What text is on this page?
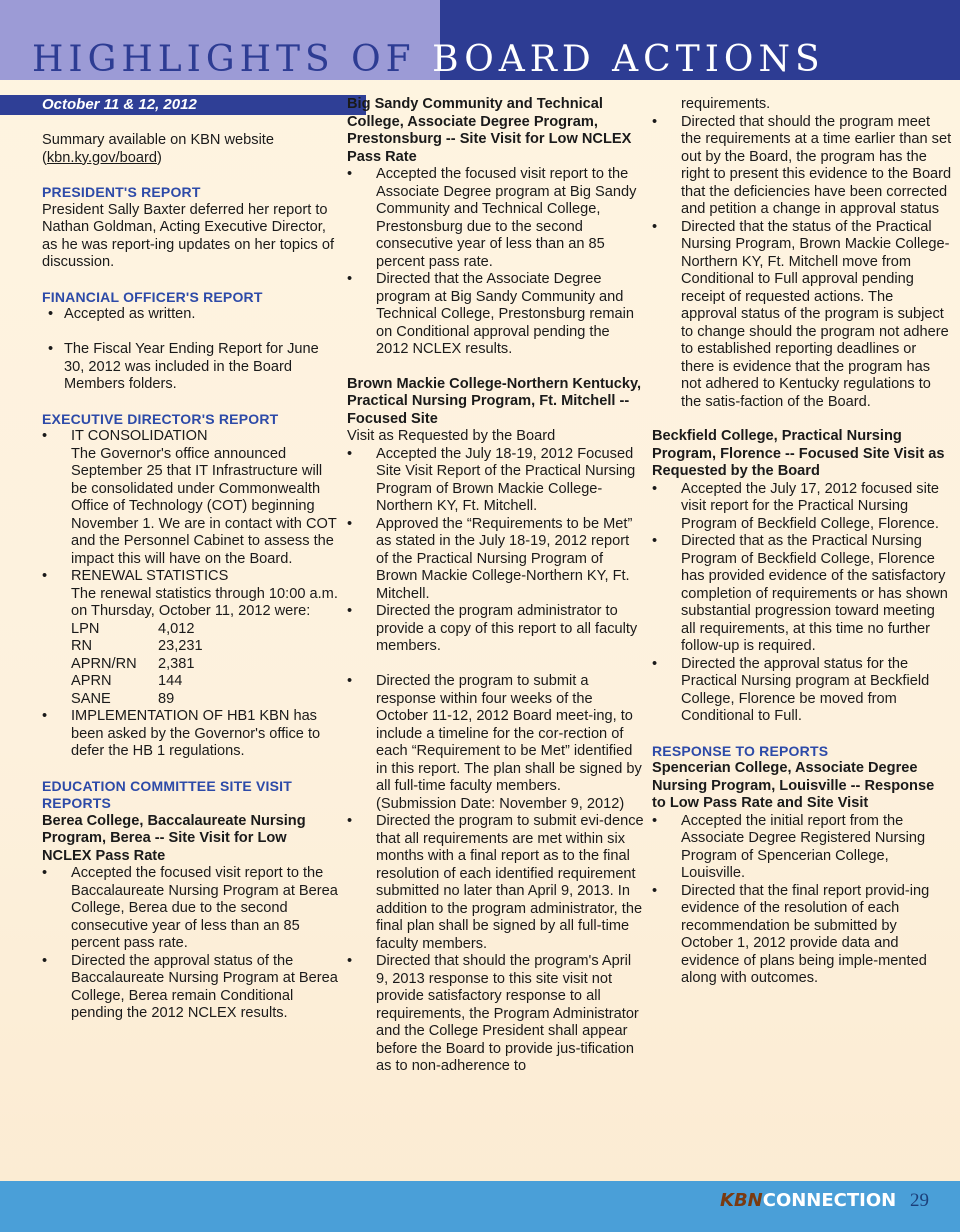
HIGHLIGHTS OF BOARD ACTIONS
October 11 & 12, 2012
Summary available on KBN website
(kbn.ky.gov/board)
PRESIDENT'S REPORT
President Sally Baxter deferred her report to Nathan Goldman, Acting Executive Director, as he was report-ing updates on her topics of discussion.
FINANCIAL OFFICER'S REPORT
• Accepted as written.
• The Fiscal Year Ending Report for June 30, 2012 was included in the Board Members folders.
EXECUTIVE DIRECTOR'S REPORT
• IT CONSOLIDATION
The Governor's office announced September 25 that IT Infrastructure will be consolidated under Commonwealth Office of Technology (COT) beginning November 1. We are in contact with COT and the Personnel Cabinet to assess the impact this will have on the Board.
• RENEWAL STATISTICS
The renewal statistics through 10:00 a.m. on Thursday, October 11, 2012 were:
LPN	4,012
RN	23,231
APRN/RN	2,381
APRN	144
SANE	89
• IMPLEMENTATION OF HB1 KBN has been asked by the Governor's office to defer the HB 1 regulations.
EDUCATION COMMITTEE SITE VISIT
REPORTS
Berea College, Baccalaureate Nursing Program, Berea -- Site Visit for Low NCLEX Pass Rate
• Accepted the focused visit report to the Baccalaureate Nursing Program at Berea College, Berea due to the second consecutive year of less than an 85 percent pass rate.
• Directed the approval status of the Baccalaureate Nursing Program at Berea College, Berea remain Conditional pending the 2012 NCLEX results.
Big Sandy Community and Technical College, Associate Degree Program, Prestonsburg -- Site Visit for Low NCLEX Pass Rate
• Accepted the focused visit report to the Associate Degree program at Big Sandy Community and Technical College, Prestonsburg due to the second consecutive year of less than an 85 percent pass rate.
• Directed that the Associate Degree program at Big Sandy Community and Technical College, Prestonsburg remain on Conditional approval pending the 2012 NCLEX results.
Brown Mackie College-Northern Kentucky, Practical Nursing Program, Ft. Mitchell -- Focused Site
Visit as Requested by the Board
• Accepted the July 18-19, 2012 Focused Site Visit Report of the Practical Nursing Program of Brown Mackie College-Northern KY, Ft. Mitchell.
• Approved the “Requirements to be Met” as stated in the July 18-19, 2012 report of the Practical Nursing Program of Brown Mackie College-Northern KY, Ft. Mitchell.
• Directed the program administrator to provide a copy of this report to all faculty members.
• Directed the program to submit a response within four weeks of the October 11-12, 2012 Board meet-ing, to include a timeline for the cor-rection of each “Requirement to be Met” identified in this report. The plan shall be signed by all full-time faculty members. (Submission Date: November 9, 2012)
• Directed the program to submit evi-dence that all requirements are met within six months with a final report as to the final resolution of each identified requirement submitted no later than April 9, 2013. In addition to the program administrator, the final plan shall be signed by all full-time faculty members.
• Directed that should the program's April 9, 2013 response to this site visit not provide satisfactory response to all requirements, the Program Administrator and the College President shall appear before the Board to provide jus-tification as to non-adherence to
requirements.
• Directed that should the program meet the requirements at a time earlier than set out by the Board, the program has the right to present this evidence to the Board that the deficiencies have been corrected and petition a change in approval status
• Directed that the status of the Practical Nursing Program, Brown Mackie College-Northern KY, Ft. Mitchell move from Conditional to Full approval pending receipt of requested actions. The approval status of the program is subject to change should the program not adhere to established reporting deadlines or there is evidence that the program has not adhered to Kentucky regulations to the satis-faction of the Board.
Beckfield College, Practical Nursing Program, Florence -- Focused Site Visit as Requested by the Board
• Accepted the July 17, 2012 focused site visit report for the Practical Nursing Program of Beckfield College, Florence.
• Directed that as the Practical Nursing Program of Beckfield College, Florence has provided evidence of the satisfactory completion of requirements or has shown substantial progression toward meeting all requirements, at this time no further follow-up is required.
• Directed the approval status for the Practical Nursing program at Beckfield College, Florence be moved from Conditional to Full.
RESPONSE TO REPORTS
Spencerian College, Associate Degree Nursing Program, Louisville -- Response to Low Pass Rate and Site Visit
• Accepted the initial report from the Associate Degree Registered Nursing Program of Spencerian College, Louisville.
• Directed that the final report provid-ing evidence of the resolution of each recommendation be submitted by October 1, 2012 provide data and evidence of plans being imple-mented along with outcomes.
KBNCONNECTION 29
